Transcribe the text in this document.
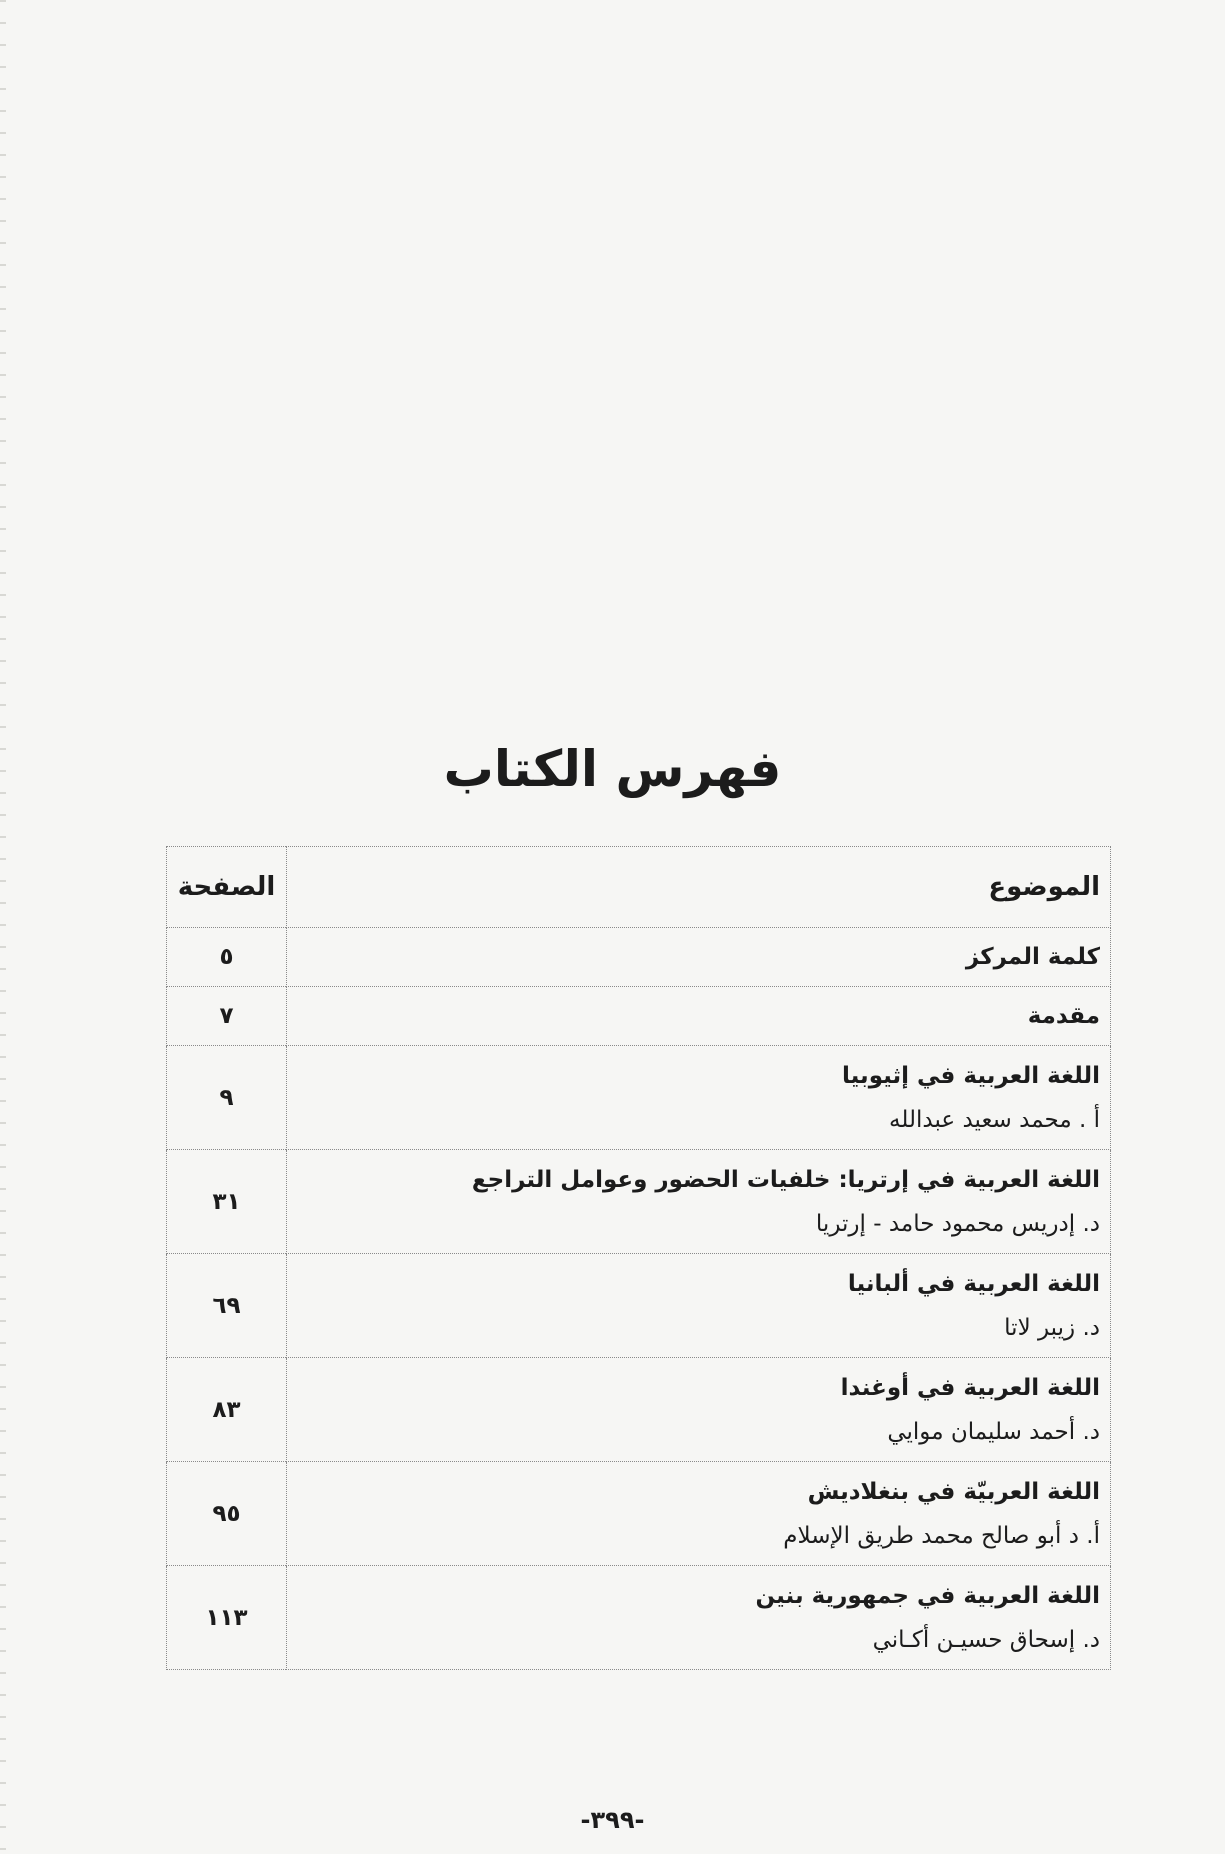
فهرس الكتاب
الموضوع	الصفحة

كلمة المركز	٥

مقدمة	٧

اللغة العربية في إثيوبيا
أ . محمد سعيد عبدالله	٩

اللغة العربية في إرتريا: خلفيات الحضور وعوامل التراجع
د. إدريس محمود حامد - إرتريا	٣١

اللغة العربية في ألبانيا
د. زيبر لاتا	٦٩

اللغة العربية في أوغندا
د. أحمد سليمان موايي	٨٣

اللغة العربيّة في بنغلاديش
أ. د أبو صالح محمد طريق الإسلام	٩٥

اللغة العربية في جمهورية بنين
د. إسحاق حسيـن أكـاني	١١٣
-٣٩٩-
